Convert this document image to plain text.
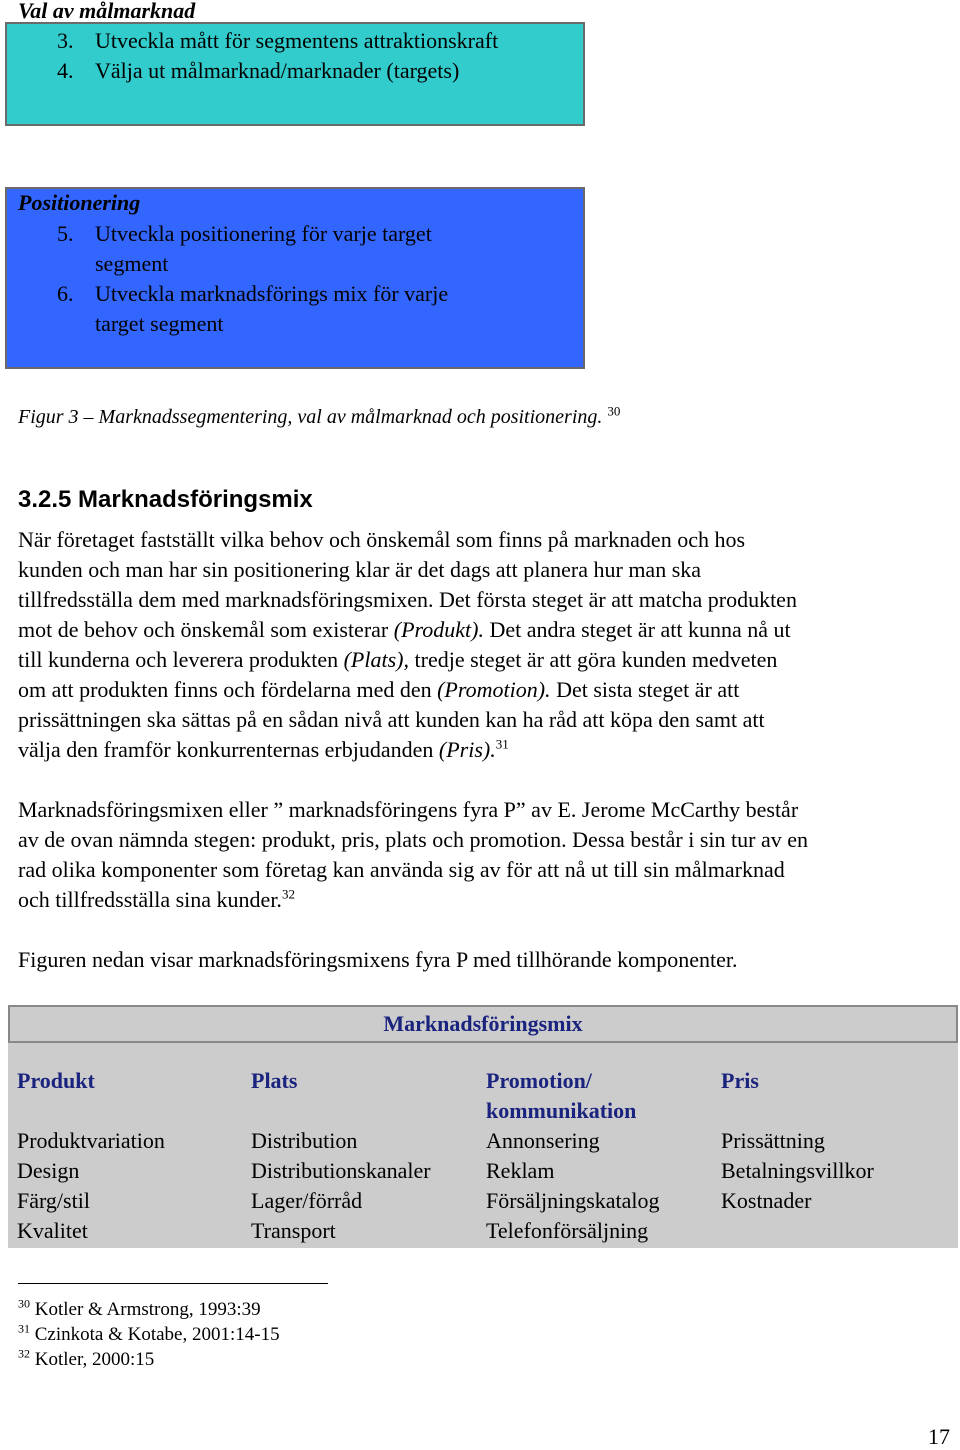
Val av målmarknad
3. Utveckla mått för segmentens attraktionskraft
4. Välja ut målmarknad/marknader (targets)
Positionering
5. Utveckla positionering för varje target
segment
6. Utveckla marknadsförings mix för varje
target segment
Figur 3 – Marknadssegmentering, val av målmarknad och positionering. $^{30}$
3.2.5 Marknadsföringsmix
När företaget fastställt vilka behov och önskemål som finns på marknaden och hos
kunden och man har sin positionering klar är det dags att planera hur man ska
tillfredsställa dem med marknadsföringsmixen. Det första steget är att matcha produkten
mot de behov och önskemål som existerar (Produkt). Det andra steget är att kunna nå ut
till kunderna och leverera produkten (Plats), tredje steget är att göra kunden medveten
om att produkten finns och fördelarna med den (Promotion). Det sista steget är att
prissättningen ska sättas på en sådan nivå att kunden kan ha råd att köpa den samt att
välja den framför konkurrenternas erbjudanden (Pris).$^{31}$
Marknadsföringsmixen eller ” marknadsföringens fyra P” av E. Jerome McCarthy består
av de ovan nämnda stegen: produkt, pris, plats och promotion. Dessa består i sin tur av en
rad olika komponenter som företag kan använda sig av för att nå ut till sin målmarknad
och tillfredsställa sina kunder.$^{32}$
Figuren nedan visar marknadsföringsmixens fyra P med tillhörande komponenter.
Marknadsföringsmix
Produkt
Produktvariation
Design
Färg/stil
Kvalitet
Plats
Distribution
Distributionskanaler
Lager/förråd
Transport
Promotion/
kommunikation
Annonsering
Reklam
Försäljningskatalog
Telefonförsäljning
Pris
Prissättning
Betalningsvillkor
Kostnader
$^{30}$ Kotler & Armstrong, 1993:39
$^{31}$ Czinkota & Kotabe, 2001:14-15
$^{32}$ Kotler, 2000:15
17
